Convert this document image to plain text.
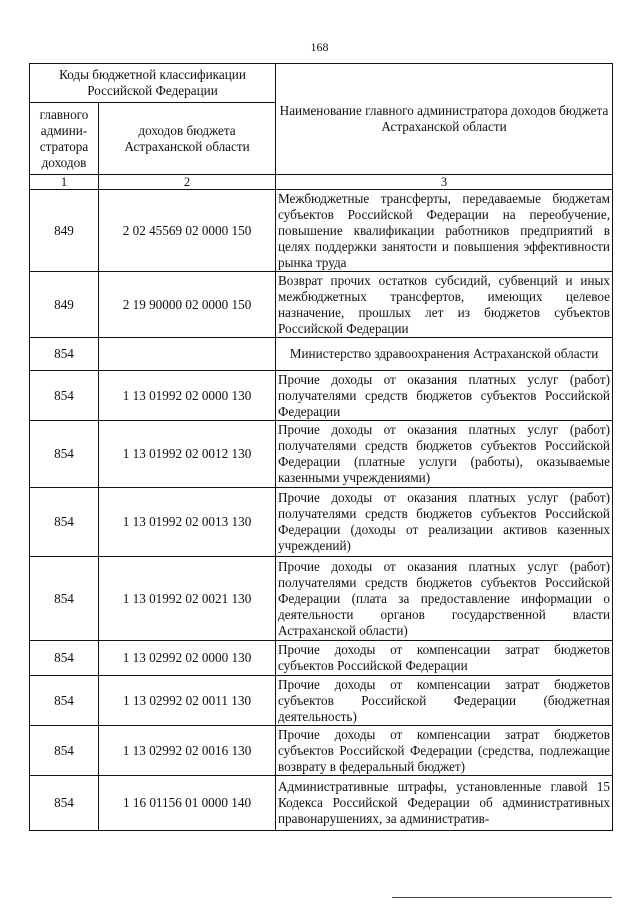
168
Коды бюджетной классификации Российской Федерации		Наименование главного администратора доходов бюджета Астраханской области
главного админи-стратора доходов	доходов бюджета Астраханской области	
1	2	3
849	2 02 45569 02 0000 150	Межбюджетные трансферты, передаваемые бюджетам субъектов Российской Федерации на переобучение, повышение квалификации работников предприятий в целях поддержки занятости и повышения эффективности рынка труда
849	2 19 90000 02 0000 150	Возврат прочих остатков субсидий, субвенций и иных межбюджетных трансфертов, имеющих целевое назначение, прошлых лет из бюджетов субъектов Российской Федерации
854		Министерство здравоохранения Астраханской области
854	1 13 01992 02 0000 130	Прочие доходы от оказания платных услуг (работ) получателями средств бюджетов субъектов Российской Федерации
854	1 13 01992 02 0012 130	Прочие доходы от оказания платных услуг (работ) получателями средств бюджетов субъектов Российской Федерации (платные услуги (работы), оказываемые казенными учреждениями)
854	1 13 01992 02 0013 130	Прочие доходы от оказания платных услуг (работ) получателями средств бюджетов субъектов Российской Федерации (доходы от реализации активов казенных учреждений)
854	1 13 01992 02 0021 130	Прочие доходы от оказания платных услуг (работ) получателями средств бюджетов субъектов Российской Федерации (плата за предоставление информации о деятельности органов государственной власти Астраханской области)
854	1 13 02992 02 0000 130	Прочие доходы от компенсации затрат бюджетов субъектов Российской Федерации
854	1 13 02992 02 0011 130	Прочие доходы от компенсации затрат бюджетов субъектов Российской Федерации (бюджетная деятельность)
854	1 13 02992 02 0016 130	Прочие доходы от компенсации затрат бюджетов субъектов Российской Федерации (средства, подлежащие возврату в федеральный бюджет)
854	1 16 01156 01 0000 140	Административные штрафы, установленные главой 15 Кодекса Российской Федерации об административных правонарушениях, за административ-
